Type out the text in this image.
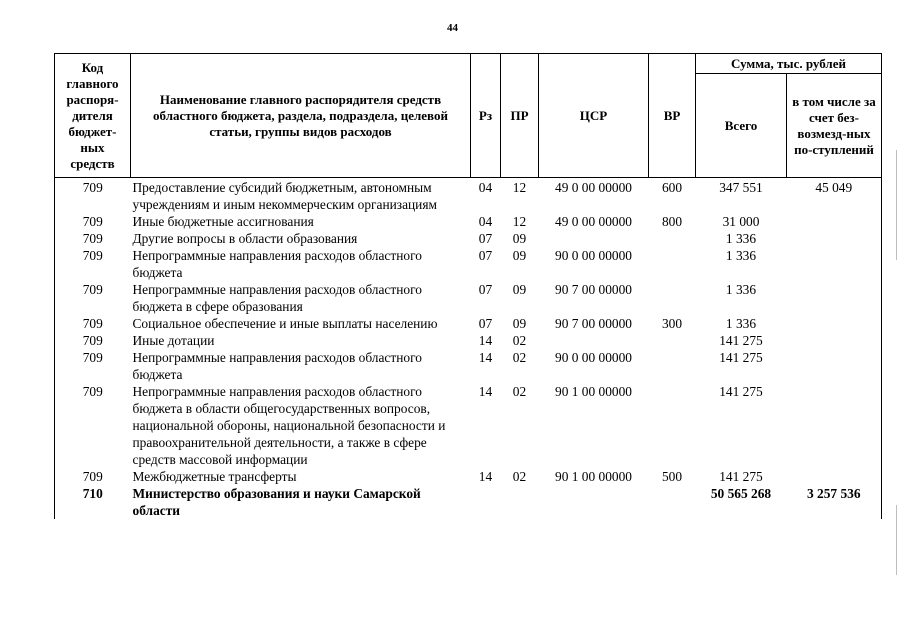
44
Код главного распоря-дителя бюджет-ных средств	Наименование главного распорядителя средств областного бюджета, раздела, подраздела, целевой статьи, группы видов расходов	Рз	ПР	ЦСР	ВР	Сумма, тыс. рублей	
						Всего	в том числе за счет без-возмезд-ных по-ступлений
709	Предоставление субсидий бюджетным, автономным учреждениям и иным некоммерческим организациям	04	12	49 0 00 00000	600	347 551	45 049
709	Иные бюджетные ассигнования	04	12	49 0 00 00000	800	31 000	
709	Другие вопросы в области образования	07	09			1 336	
709	Непрограммные направления расходов областного бюджета	07	09	90 0 00 00000		1 336	
709	Непрограммные направления расходов областного бюджета в сфере образования	07	09	90 7 00 00000		1 336	
709	Социальное обеспечение и иные выплаты населению	07	09	90 7 00 00000	300	1 336	
709	Иные дотации	14	02			141 275	
709	Непрограммные направления расходов областного бюджета	14	02	90 0 00 00000		141 275	
709	Непрограммные направления расходов областного бюджета в области общегосударственных вопросов, национальной обороны, национальной безопасности и правоохранительной деятельности, а также в сфере средств массовой информации	14	02	90 1 00 00000		141 275	
709	Межбюджетные трансферты	14	02	90 1 00 00000	500	141 275	
710	Министерство образования и науки Самарской области					50 565 268	3 257 536
